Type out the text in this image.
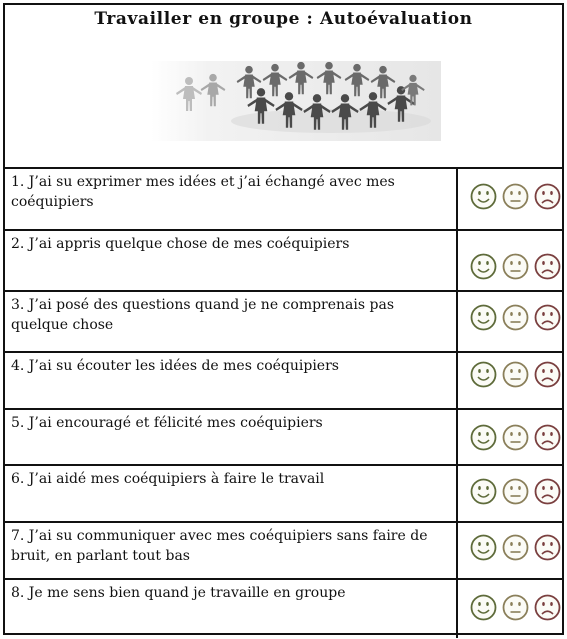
Travailler en groupe : Autoévaluation
1. J’ai su exprimer mes idées et j’ai échangé avec mes coéquipiers
2. J’ai appris quelque chose de mes coéquipiers
3. J’ai posé des questions quand je ne comprenais pas quelque chose
4. J’ai su écouter les idées de mes coéquipiers
5. J’ai encouragé et félicité mes coéquipiers
6. J’ai aidé mes coéquipiers à faire le travail
7. J’ai su communiquer avec mes coéquipiers sans faire de bruit, en parlant tout bas
8. Je me sens bien quand je travaille en groupe
